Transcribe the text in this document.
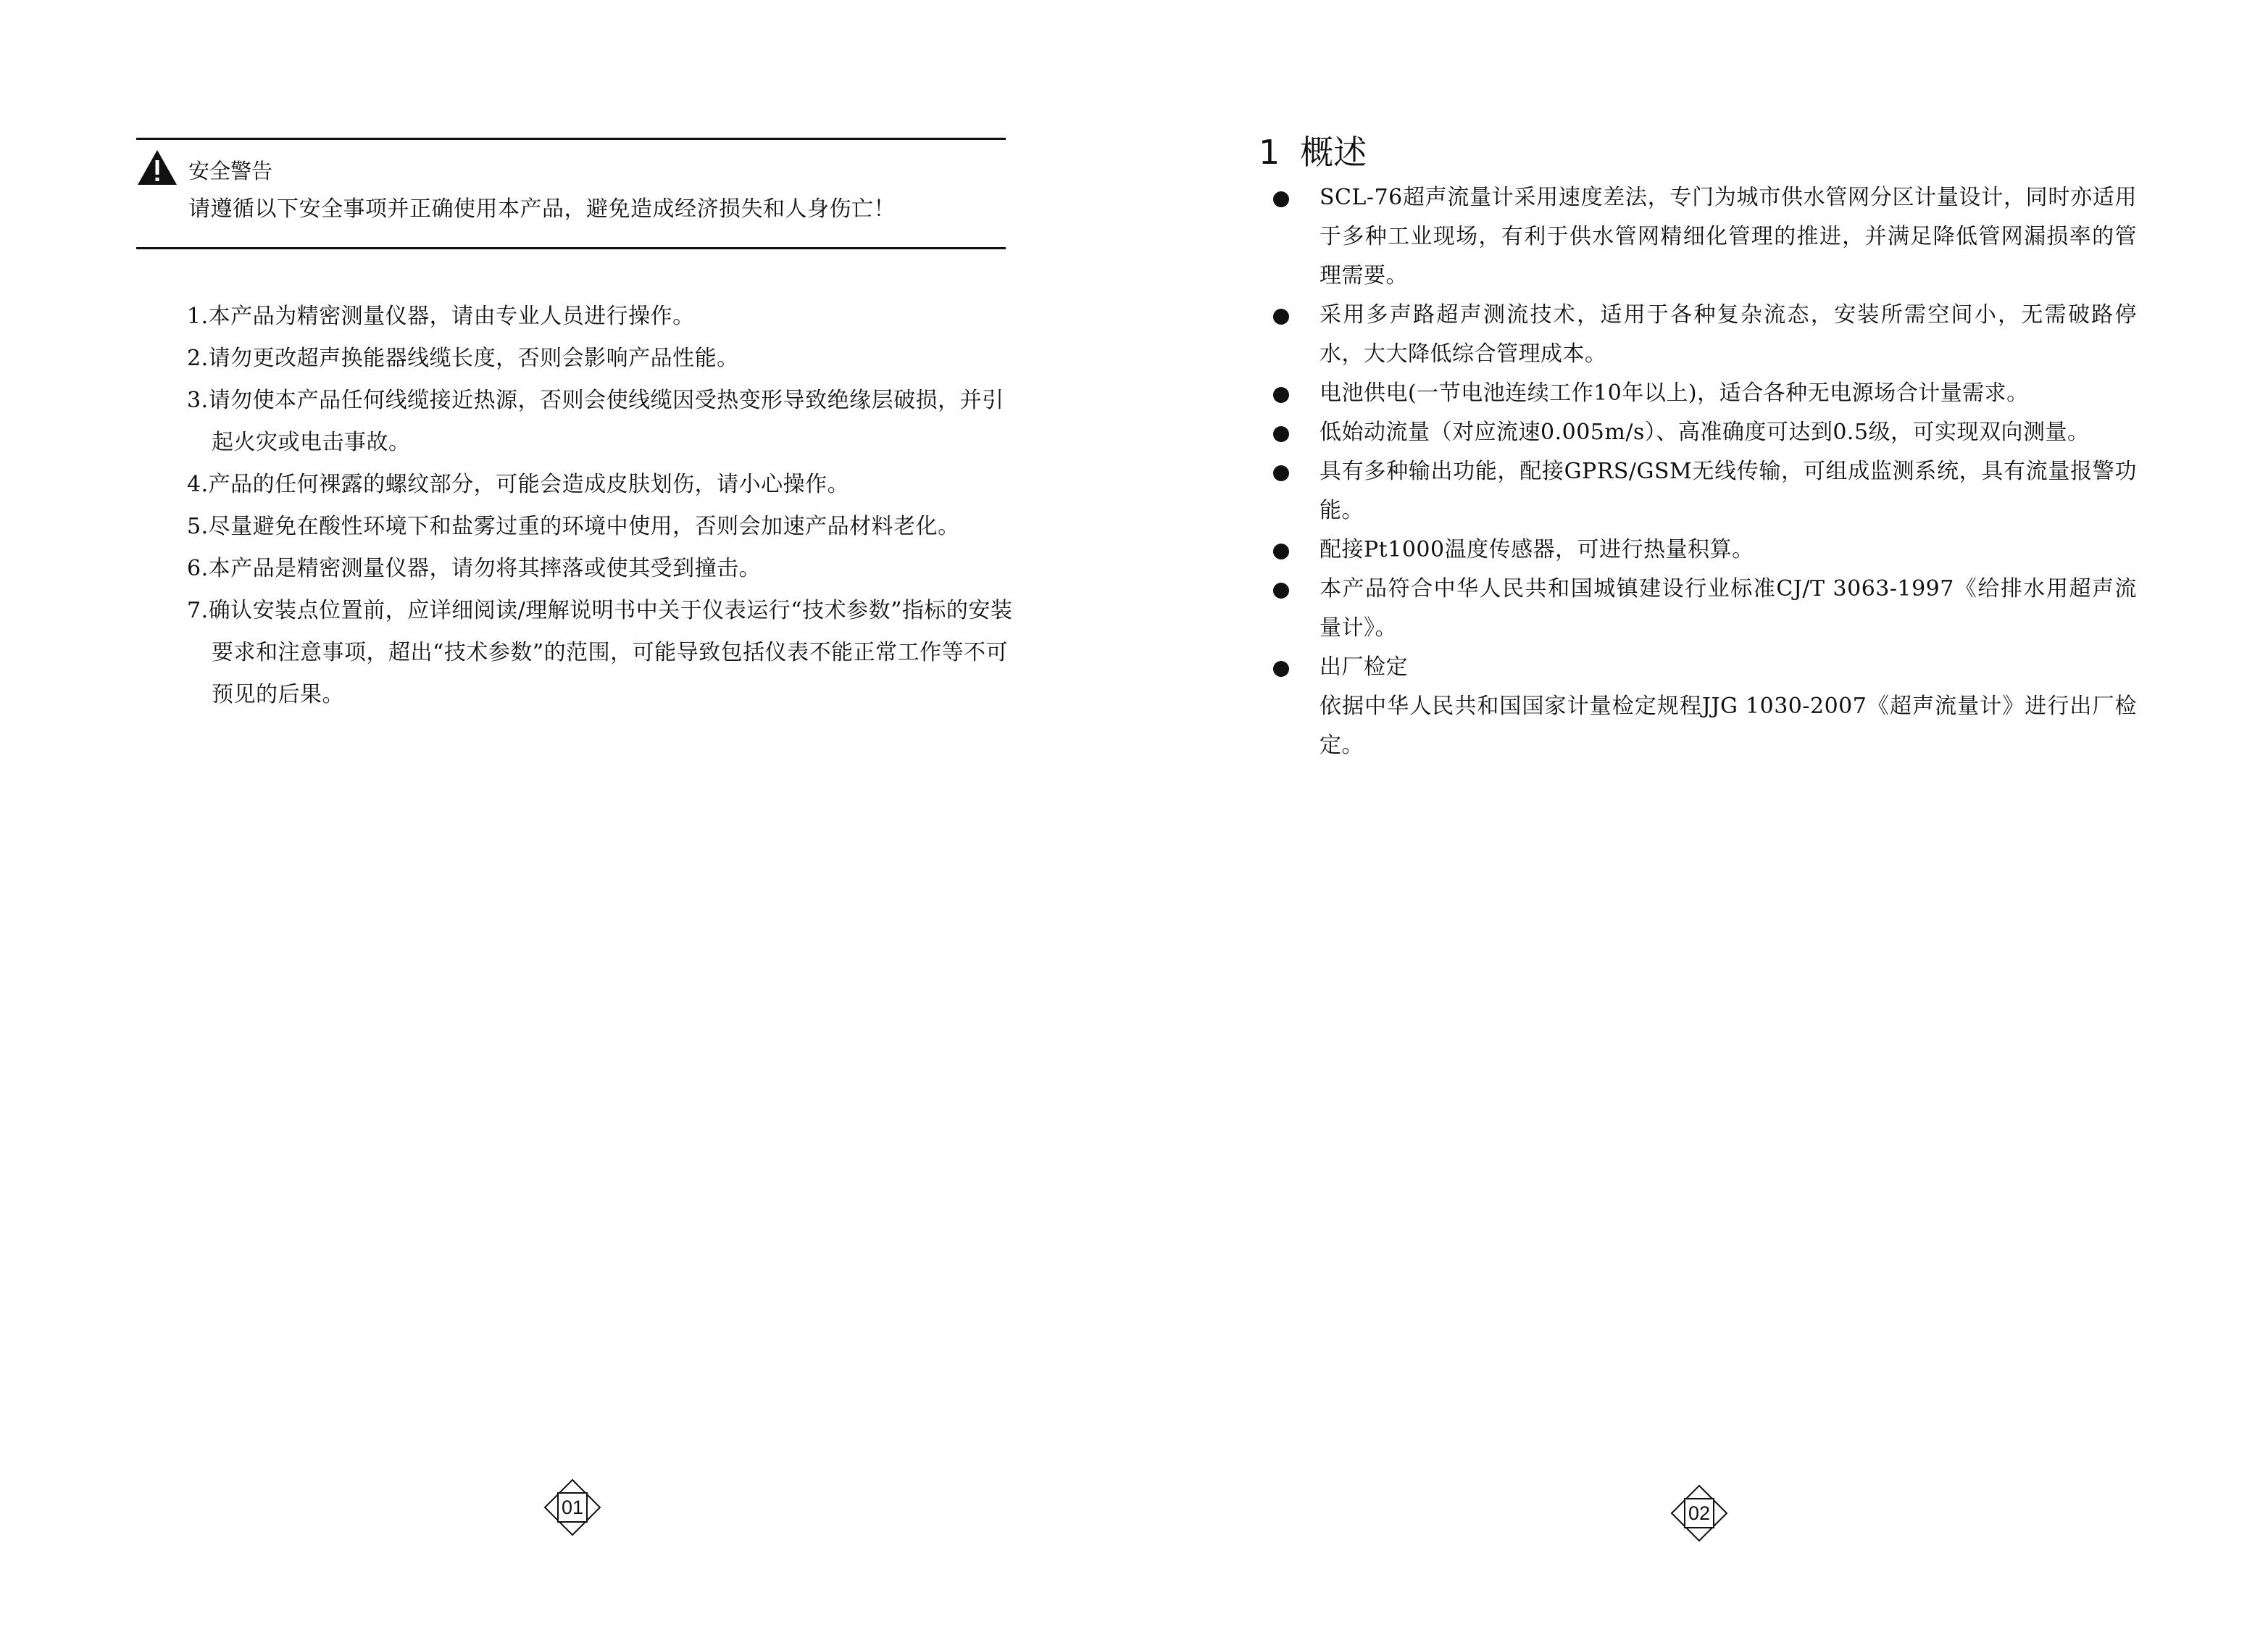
安全警告
请遵循以下安全事项并正确使用本产品，避免造成经济损失和人身伤亡！
1.本产品为精密测量仪器，请由专业人员进行操作。
2.请勿更改超声换能器线缆长度，否则会影响产品性能。
3.请勿使本产品任何线缆接近热源，否则会使线缆因受热变形导致绝缘层破损，并引起火灾或电击事故。
4.产品的任何裸露的螺纹部分，可能会造成皮肤划伤，请小心操作。
5.尽量避免在酸性环境下和盐雾过重的环境中使用，否则会加速产品材料老化。
6.本产品是精密测量仪器，请勿将其摔落或使其受到撞击。
7.确认安装点位置前，应详细阅读/理解说明书中关于仪表运行“技术参数”指标的安装要求和注意事项，超出“技术参数”的范围，可能导致包括仪表不能正常工作等不可预见的后果。
01
1 概述
SCL-76超声流量计采用速度差法，专门为城市供水管网分区计量设计，同时亦适用于多种工业现场，有利于供水管网精细化管理的推进，并满足降低管网漏损率的管理需要。
采用多声路超声测流技术，适用于各种复杂流态，安装所需空间小，无需破路停水，大大降低综合管理成本。
电池供电(一节电池连续工作10年以上)，适合各种无电源场合计量需求。
低始动流量（对应流速0.005m/s）、高准确度可达到0.5级，可实现双向测量。
具有多种输出功能，配接GPRS/GSM无线传输，可组成监测系统，具有流量报警功能。
配接Pt1000温度传感器，可进行热量积算。
本产品符合中华人民共和国城镇建设行业标准CJ/T 3063-1997《给排水用超声流量计》。
出厂检定
依据中华人民共和国国家计量检定规程JJG 1030-2007《超声流量计》进行出厂检定。
02
